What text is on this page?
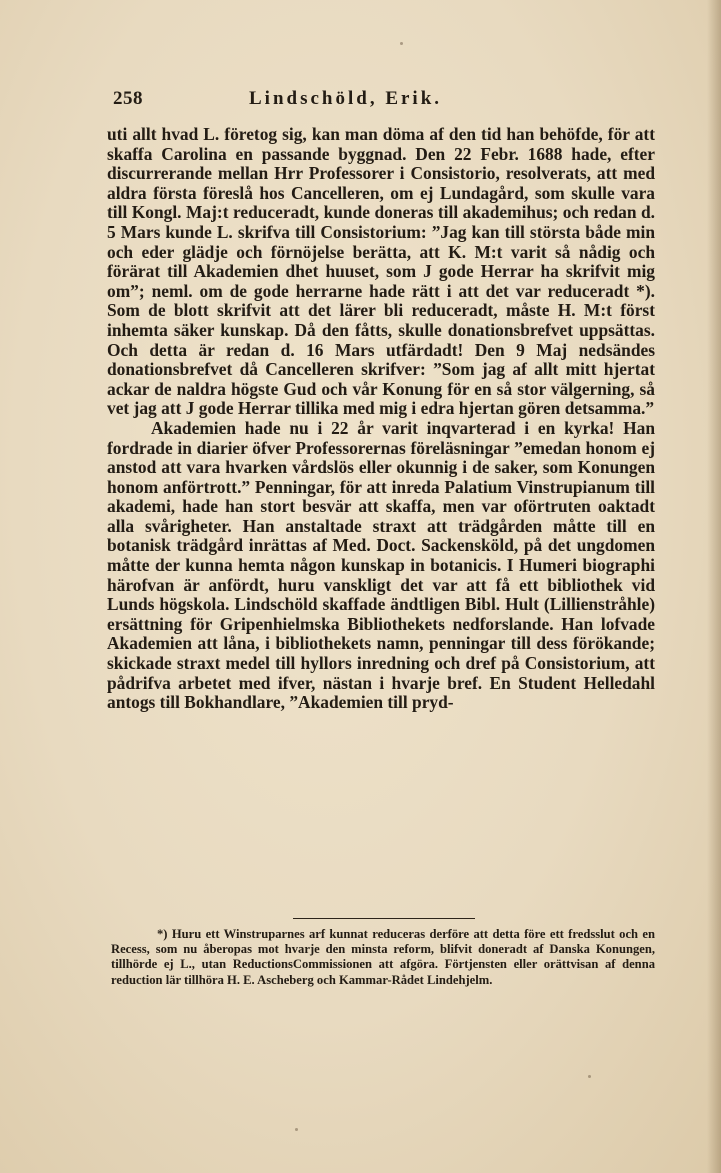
258	Lindschöld, Erik.

uti allt hvad L. företog sig, kan man döma af den tid han behöfde, för att skaffa Carolina en passande byggnad. Den 22 Febr. 1688 hade, efter discurrerande mellan Hrr Professorer i Consistorio, resolverats, att med aldra första föreslå hos Cancelleren, om ej Lundagård, som skulle vara till Kongl. Maj:t reduceradt, kunde doneras till akademihus; och redan d. 5 Mars kunde L. skrifva till Consistorium: ”Jag kan till största både min och eder glädje och förnöjelse berätta, att K. M:t varit så nådig och förärat till Akademien dhet huuset, som J gode Herrar ha skrifvit mig om”; neml. om de gode herrarne hade rätt i att det var reduceradt *). Som de blott skrifvit att det lärer bli reduceradt, måste H. M:t först inhemta säker kunskap. Då den fåtts, skulle donationsbrefvet uppsättas. Och detta är redan d. 16 Mars utfärdadt! Den 9 Maj nedsändes donationsbrefvet då Cancelleren skrifver: ”Som jag af allt mitt hjertat ackar de naldra högste Gud och vår Konung för en så stor välgerning, så vet jag att J gode Herrar tillika med mig i edra hjertan gören detsamma.”

Akademien hade nu i 22 år varit inqvarterad i en kyrka! Han fordrade in diarier öfver Professorernas föreläsningar ”emedan honom ej anstod att vara hvarken vårdslös eller okunnig i de saker, som Konungen honom anförtrott.” Penningar, för att inreda Palatium Vinstrupianum till akademi, hade han stort besvär att skaffa, men var oförtruten oaktadt alla svårigheter. Han anstaltade straxt att trädgården måtte till en botanisk trädgård inrättas af Med. Doct. Sackensköld, på det ungdomen måtte der kunna hemta någon kunskap in botanicis. I Humeri biographi härofvan är anfördt, huru vanskligt det var att få ett bibliothek vid Lunds högskola. Lindschöld skaffade ändtligen Bibl. Hult (Lillienstråhle) ersättning för Gripenhielmska Bibliothekets nedforslande. Han lofvade Akademien att låna, i bibliothekets namn, penningar till dess förökande; skickade straxt medel till hyllors inredning och dref på Consistorium, att pådrifva arbetet med ifver, nästan i hvarje bref. En Student Helledahl antogs till Bokhandlare, ”Akademien till pryd-

*) Huru ett Winstruparnes arf kunnat reduceras derföre att detta före ett fredsslut och en Recess, som nu åberopas mot hvarje den minsta reform, blifvit doneradt af Danska Konungen, tillhörde ej L., utan ReductionsCommissionen att afgöra. Förtjensten eller orättvisan af denna reduction lär tillhöra H. E. Ascheberg och Kammar-Rådet Lindehjelm.
